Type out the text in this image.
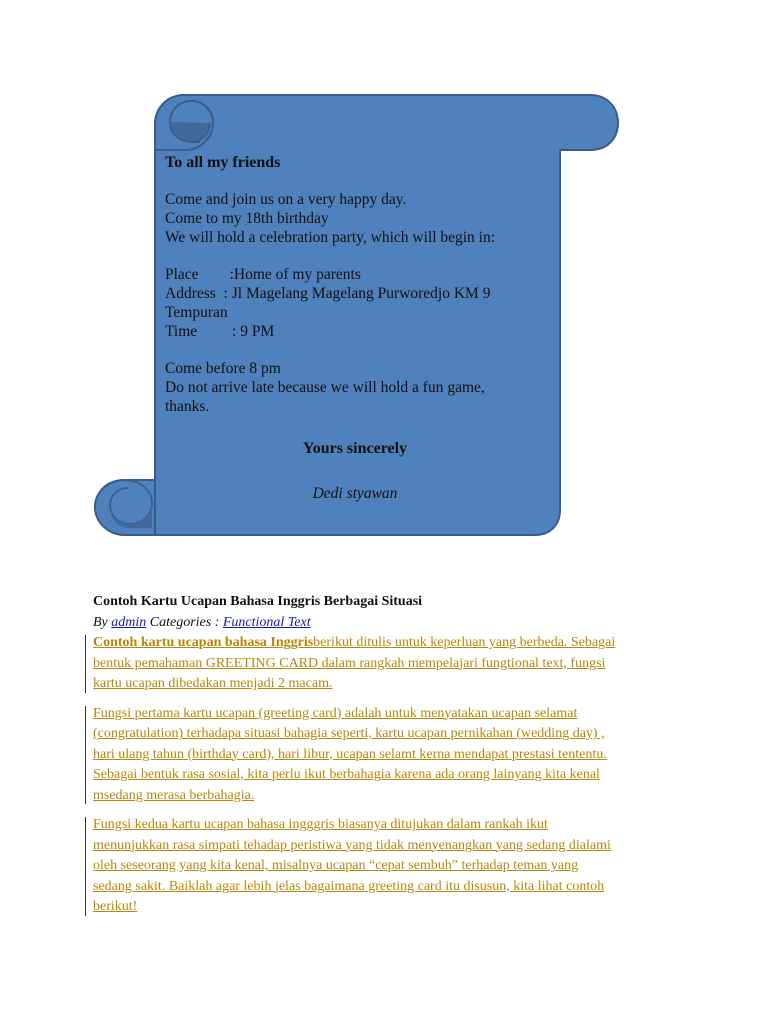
To all my friends

Come and join us on a very happy day.

Come to my 18th birthday

We will hold a celebration party, which will begin in:

Place        :Home of my parents

Address  : Jl Magelang Magelang Purworedjo KM 9

Tempuran

Time         : 9 PM

Come before 8 pm

Do not arrive late because we will hold a fun game,

thanks.

Yours sincerely
Dedi styawan

Contoh Kartu Ucapan Bahasa Inggris Berbagai Situasi

By admin Categories : Functional Text

Contoh kartu ucapan bahasa Inggrisberikut ditulis untuk keperluan yang berbeda. Sebagai
bentuk pemahaman GREETING CARD dalam rangkah mempelajari fungtional text, fungsi
kartu ucapan dibedakan menjadi 2 macam.
Fungsi pertama kartu ucapan (greeting card) adalah untuk menyatakan ucapan selamat
(congratulation) terhadapa situasi bahagia seperti, kartu ucapan pernikahan (wedding day) ,
hari ulang tahun (birthday card), hari libur, ucapan selamt kerna mendapat prestasi tententu.
Sebagai bentuk rasa sosial, kita perlu ikut berbahagia karena ada orang lainyang kita kenal
msedang merasa berbahagia.
Fungsi kedua kartu ucapan bahasa ingggris biasanya ditujukan dalam rankah ikut
menunjukkan rasa simpati tehadap peristiwa yang tidak menyenangkan yang sedang dialami
oleh seseorang yang kita kenal, misalnya ucapan “cepat sembuh” terhadap teman yang
sedang sakit. Baiklah agar lebih jelas bagaimana greeting card itu disusun, kita lihat contoh
berikut!
